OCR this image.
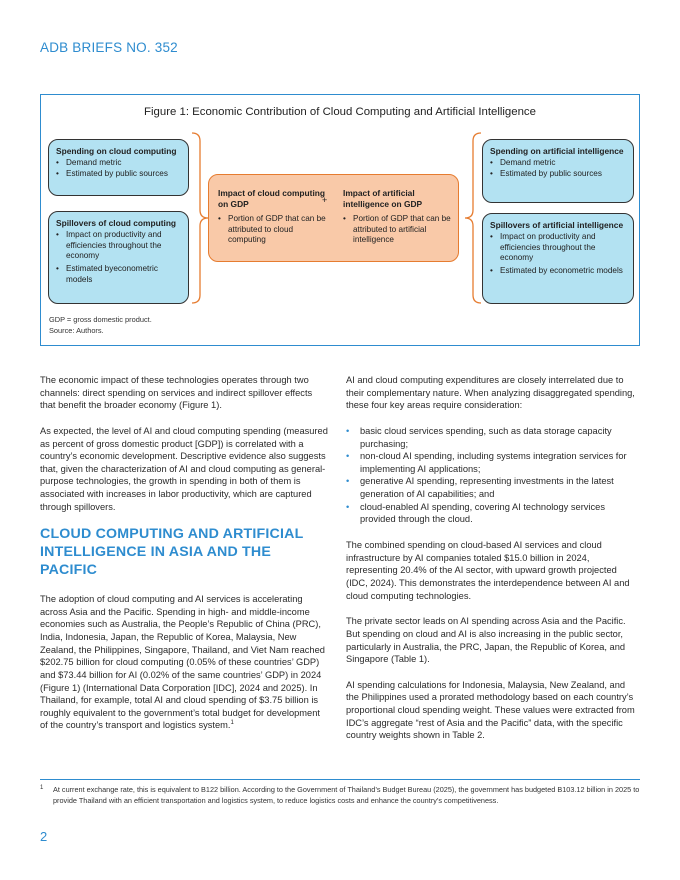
ADB BRIEFS NO. 352
Figure 1: Economic Contribution of Cloud Computing and Artificial Intelligence
Spending on cloud computing
• Demand metric
• Estimated by public sources
Spillovers of cloud computing
• Impact on productivity and efficiencies throughout the economy
• Estimated byeconometric models
Impact of cloud computing on GDP
• Portion of GDP that can be attributed to cloud computing
+
Impact of artificial intelligence on GDP
• Portion of GDP that can be attributed to artificial intelligence
Spending on artificial intelligence
• Demand metric
• Estimated by public sources
Spillovers of artificial intelligence
• Impact on productivity and efficiencies throughout the economy
• Estimated by econometric models
GDP = gross domestic product.
Source: Authors.

The economic impact of these technologies operates through two channels: direct spending on services and indirect spillover effects that benefit the broader economy (Figure 1).

As expected, the level of AI and cloud computing spending (measured as percent of gross domestic product [GDP]) is correlated with a country’s economic development. Descriptive evidence also suggests that, given the characterization of AI and cloud computing as general-purpose technologies, the growth in spending in both of them is associated with increases in labor productivity, which are captured through spillovers.

CLOUD COMPUTING AND ARTIFICIAL INTELLIGENCE IN ASIA AND THE PACIFIC

The adoption of cloud computing and AI services is accelerating across Asia and the Pacific. Spending in high- and middle-income economies such as Australia, the People’s Republic of China (PRC), India, Indonesia, Japan, the Republic of Korea, Malaysia, New Zealand, the Philippines, Singapore, Thailand, and Viet Nam reached $202.75 billion for cloud computing (0.05% of these countries’ GDP) and $73.44 billion for AI (0.02% of the same countries’ GDP) in 2024 (Figure 1) (International Data Corporation [IDC], 2024 and 2025). In Thailand, for example, total AI and cloud spending of $3.75 billion is roughly equivalent to the government’s total budget for development of the country’s transport and logistics system.$^1$

AI and cloud computing expenditures are closely interrelated due to their complementary nature. When analyzing disaggregated spending, these four key areas require consideration:

• basic cloud services spending, such as data storage capacity purchasing;
• non-cloud AI spending, including systems integration services for implementing AI applications;
• generative AI spending, representing investments in the latest generation of AI capabilities; and
• cloud-enabled AI spending, covering AI technology services provided through the cloud.

The combined spending on cloud-based AI services and cloud infrastructure by AI companies totaled $15.0 billion in 2024, representing 20.4% of the AI sector, with upward growth projected (IDC, 2024). This demonstrates the interdependence between AI and cloud computing technologies.

The private sector leads on AI spending across Asia and the Pacific. But spending on cloud and AI is also increasing in the public sector, particularly in Australia, the PRC, Japan, the Republic of Korea, and Singapore (Table 1).

AI spending calculations for Indonesia, Malaysia, New Zealand, and the Philippines used a prorated methodology based on each country’s proportional cloud spending weight. These values were extracted from IDC’s aggregate “rest of Asia and the Pacific” data, with the specific country weights shown in Table 2.

1 At current exchange rate, this is equivalent to B122 billion. According to the Government of Thailand’s Budget Bureau (2025), the government has budgeted B103.12 billion in 2025 to provide Thailand with an efficient transportation and logistics system, to reduce logistics costs and enhance the country’s competitiveness.
2
